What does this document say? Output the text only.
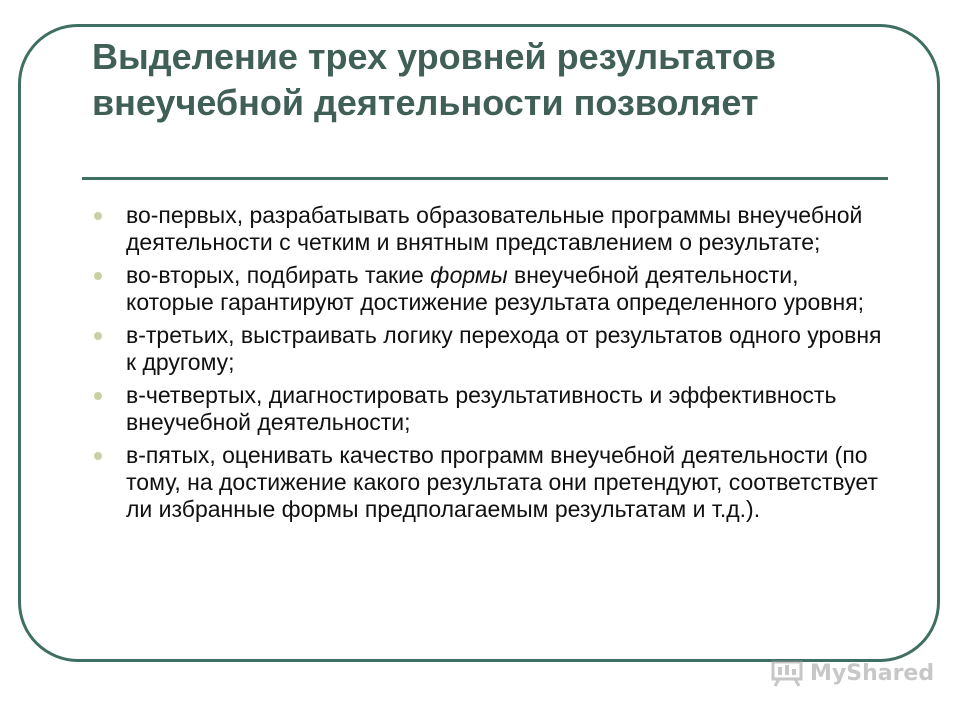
Выделение трех уровней результатов внеучебной деятельности позволяет
во-первых, разрабатывать образовательные программы внеучебной деятельности с четким и внятным представлением о результате;
во-вторых, подбирать такие формы внеучебной деятельности, которые гарантируют достижение результата определенного уровня;
в-третьих, выстраивать логику перехода от результатов одного уровня к другому;
в-четвертых, диагностировать результативность и эффективность внеучебной деятельности;
в-пятых, оценивать качество программ внеучебной деятельности (по тому, на достижение какого результата они претендуют, соответствует ли избранные формы предполагаемым результатам и т.д.).
MyShared
